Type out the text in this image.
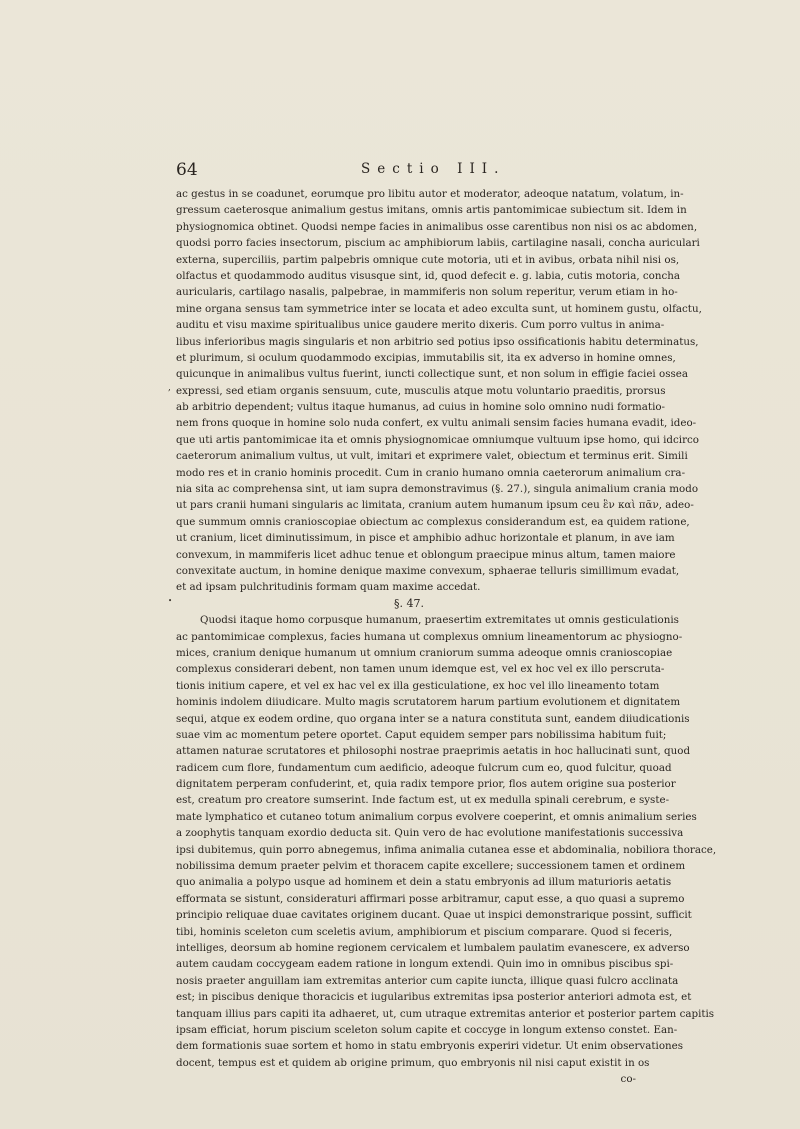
64	Sectio III.
,
•
ac gestus in se coadunet, eorumque pro libitu autor et moderator, adeoque natatum, volatum, in-
gressum caeterosque animalium gestus imitans, omnis artis pantomimicae subiectum sit. Idem in
physiognomica obtinet. Quodsi nempe facies in animalibus osse carentibus non nisi os ac abdomen,
quodsi porro facies insectorum, piscium ac amphibiorum labiis, cartilagine nasali, concha auriculari
externa, superciliis, partim palpebris omnique cute motoria, uti et in avibus, orbata nihil nisi os,
olfactus et quodammodo auditus visusque sint, id, quod defecit e. g. labia, cutis motoria, concha
auricularis, cartilago nasalis, palpebrae, in mammiferis non solum reperitur, verum etiam in ho-
mine organa sensus tam symmetrice inter se locata et adeo exculta sunt, ut hominem gustu, olfactu,
auditu et visu maxime spiritualibus unice gaudere merito dixeris. Cum porro vultus in anima-
libus inferioribus magis singularis et non arbitrio sed potius ipso ossificationis habitu determinatus,
et plurimum, si oculum quodammodo excipias, immutabilis sit, ita ex adverso in homine omnes,
quicunque in animalibus vultus fuerint, iuncti collectique sunt, et non solum in effigie faciei ossea
expressi, sed etiam organis sensuum, cute, musculis atque motu voluntario praeditis, prorsus
ab arbitrio dependent; vultus itaque humanus, ad cuius in homine solo omnino nudi formatio-
nem frons quoque in homine solo nuda confert, ex vultu animali sensim facies humana evadit, ideo-
que uti artis pantomimicae ita et omnis physiognomicae omniumque vultuum ipse homo, qui idcirco
caeterorum animalium vultus, ut vult, imitari et exprimere valet, obiectum et terminus erit. Simili
modo res et in cranio hominis procedit. Cum in cranio humano omnia caeterorum animalium cra-
nia sita ac comprehensa sint, ut iam supra demonstravimus (§. 27.), singula animalium crania modo
ut pars cranii humani singularis ac limitata, cranium autem humanum ipsum ceu ἓν καὶ πᾶν, adeo-
que summum omnis cranioscopiae obiectum ac complexus considerandum est, ea quidem ratione,
ut cranium, licet diminutissimum, in pisce et amphibio adhuc horizontale et planum, in ave iam
convexum, in mammiferis licet adhuc tenue et oblongum praecipue minus altum, tamen maiore
convexitate auctum, in homine denique maxime convexum, sphaerae telluris simillimum evadat,
et ad ipsam pulchritudinis formam quam maxime accedat.
§. 47.
Quodsi itaque homo corpusque humanum, praesertim extremitates ut omnis gesticulationis
ac pantomimicae complexus, facies humana ut complexus omnium lineamentorum ac physiogno-
mices, cranium denique humanum ut omnium craniorum summa adeoque omnis cranioscopiae
complexus considerari debent, non tamen unum idemque est, vel ex hoc vel ex illo perscruta-
tionis initium capere, et vel ex hac vel ex illa gesticulatione, ex hoc vel illo lineamento totam
hominis indolem diiudicare. Multo magis scrutatorem harum partium evolutionem et dignitatem
sequi, atque ex eodem ordine, quo organa inter se a natura constituta sunt, eandem diiudicationis
suae vim ac momentum petere oportet. Caput equidem semper pars nobilissima habitum fuit;
attamen naturae scrutatores et philosophi nostrae praeprimis aetatis in hoc hallucinati sunt, quod
radicem cum flore, fundamentum cum aedificio, adeoque fulcrum cum eo, quod fulcitur, quoad
dignitatem perperam confuderint, et, quia radix tempore prior, flos autem origine sua posterior
est, creatum pro creatore sumserint. Inde factum est, ut ex medulla spinali cerebrum, e syste-
mate lymphatico et cutaneo totum animalium corpus evolvere coeperint, et omnis animalium series
a zoophytis tanquam exordio deducta sit. Quin vero de hac evolutione manifestationis successiva
ipsi dubitemus, quin porro abnegemus, infima animalia cutanea esse et abdominalia, nobiliora thorace,
nobilissima demum praeter pelvim et thoracem capite excellere; successionem tamen et ordinem
quo animalia a polypo usque ad hominem et dein a statu embryonis ad illum maturioris aetatis
efformata se sistunt, consideraturi affirmari posse arbitramur, caput esse, a quo quasi a supremo
principio reliquae duae cavitates originem ducant. Quae ut inspici demonstrarique possint, sufficit
tibi, hominis sceleton cum sceletis avium, amphibiorum et piscium comparare. Quod si feceris,
intelliges, deorsum ab homine regionem cervicalem et lumbalem paulatim evanescere, ex adverso
autem caudam coccygeam eadem ratione in longum extendi. Quin imo in omnibus piscibus spi-
nosis praeter anguillam iam extremitas anterior cum capite iuncta, illique quasi fulcro acclinata
est; in piscibus denique thoracicis et iugularibus extremitas ipsa posterior anteriori admota est, et
tanquam illius pars capiti ita adhaeret, ut, cum utraque extremitas anterior et posterior partem capitis
ipsam efficiat, horum piscium sceleton solum capite et coccyge in longum extenso constet. Ean-
dem formationis suae sortem et homo in statu embryonis experiri videtur. Ut enim observationes
docent, tempus est et quidem ab origine primum, quo embryonis nil nisi caput existit in os
co-
